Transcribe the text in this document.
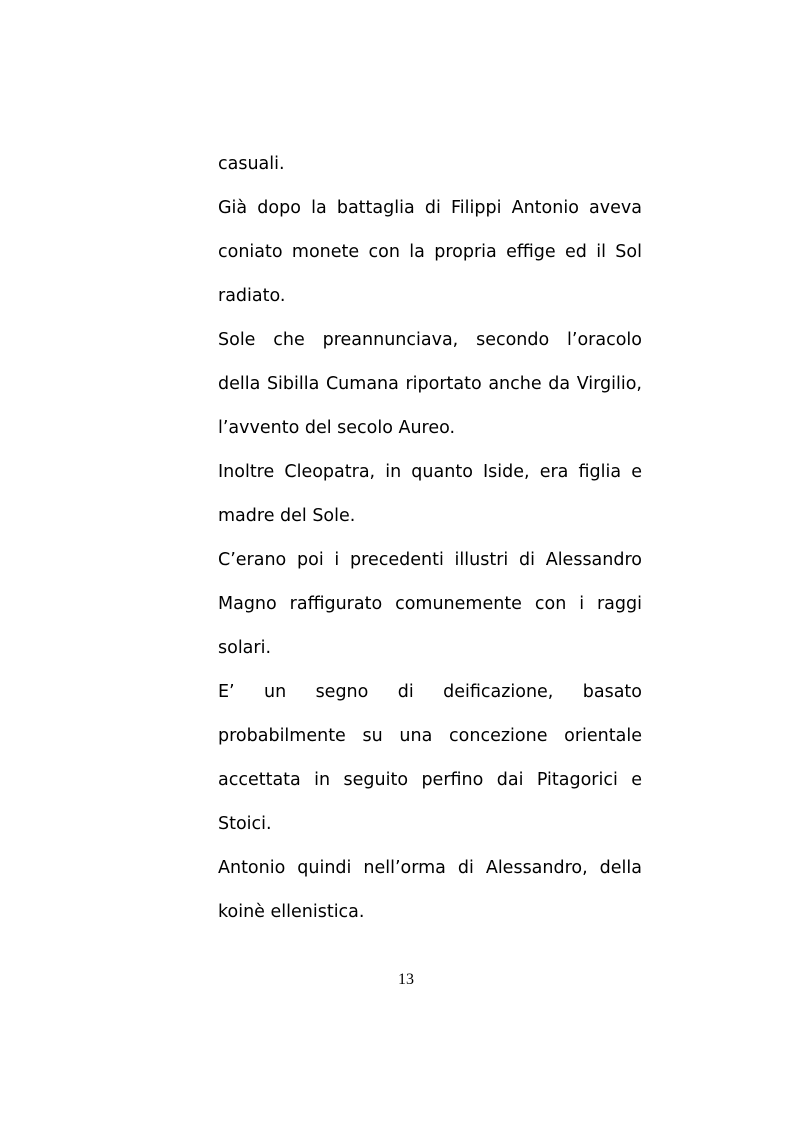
casuali.
Già dopo la battaglia di Filippi Antonio aveva
coniato monete con la propria effige ed il Sol
radiato.
Sole che preannunciava, secondo l’oracolo
della Sibilla Cumana riportato anche da Virgilio,
l’avvento del secolo Aureo.
Inoltre Cleopatra, in quanto Iside, era figlia e
madre del Sole.
C’erano poi i precedenti illustri di Alessandro
Magno raffigurato comunemente con i raggi
solari.
E’ un segno di deificazione, basato
probabilmente su una concezione orientale
accettata in seguito perfino dai Pitagorici e
Stoici.
Antonio quindi nell’orma di Alessandro, della
koinè ellenistica.
13
